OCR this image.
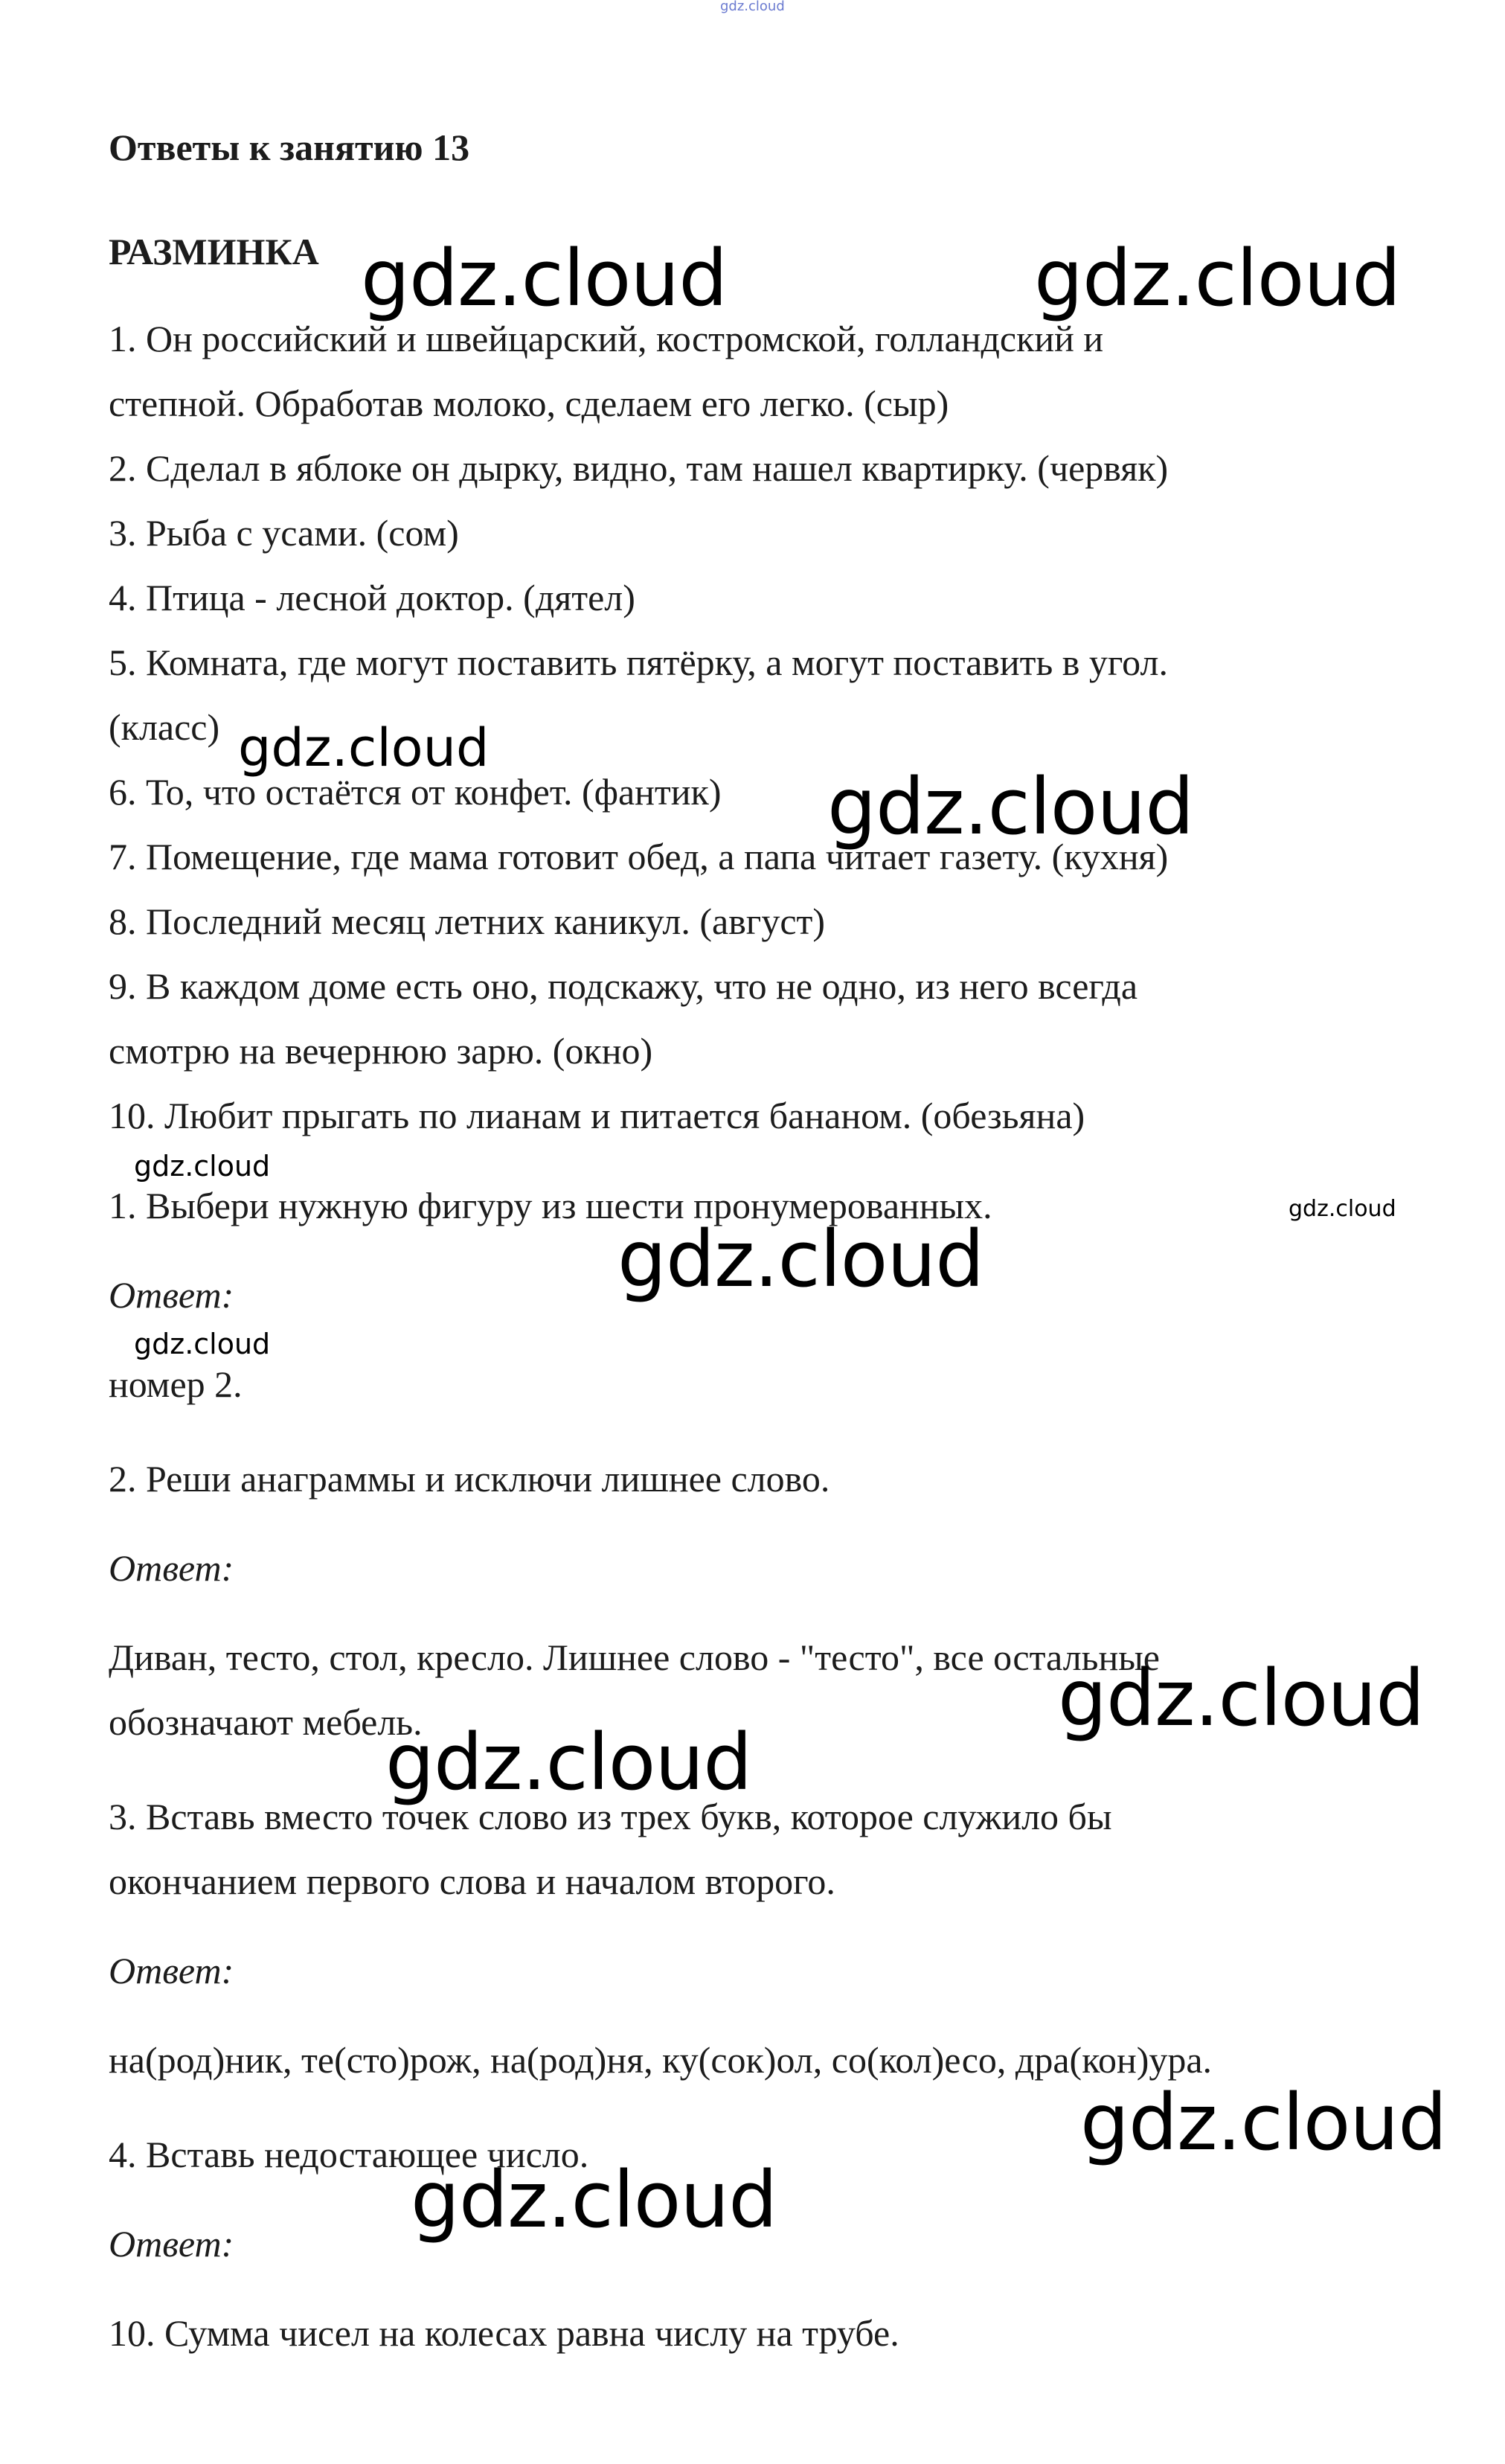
gdz.cloud
Ответы к занятию 13
РАЗМИНКА
1. Он российский и швейцарский, костромской, голландский и
степной. Обработав молоко, сделаем его легко. (сыр)
2. Сделал в яблоке он дырку, видно, там нашел квартирку. (червяк)
3. Рыба с усами. (сом)
4. Птица - лесной доктор. (дятел)
5. Комната, где могут поставить пятёрку, а могут поставить в угол.
(класс)
6. То, что остаётся от конфет. (фантик)
7. Помещение, где мама готовит обед, а папа читает газету. (кухня)
8. Последний месяц летних каникул. (август)
9. В каждом доме есть оно, подскажу, что не одно, из него всегда
смотрю на вечернюю зарю. (окно)
10. Любит прыгать по лианам и питается бананом. (обезьяна)
1. Выбери нужную фигуру из шести пронумерованных.
Ответ:
номер 2.
2. Реши анаграммы и исключи лишнее слово.
Ответ:
Диван, тесто, стол, кресло. Лишнее слово - "тесто", все остальные
обозначают мебель.
3. Вставь вместо точек слово из трех букв, которое служило бы
окончанием первого слова и началом второго.
Ответ:
на(род)ник, те(сто)рож, на(род)ня, ку(сок)ол, со(кол)есо, дра(кон)ура.
4. Вставь недостающее число.
Ответ:
10. Сумма чисел на колесах равна числу на трубе.
gdz.cloud	gdz.cloud
gdz.cloud
gdz.cloud
gdz.cloud
gdz.cloud
gdz.cloud
gdz.cloud
gdz.cloud
gdz.cloud
gdz.cloud
gdz.cloud
